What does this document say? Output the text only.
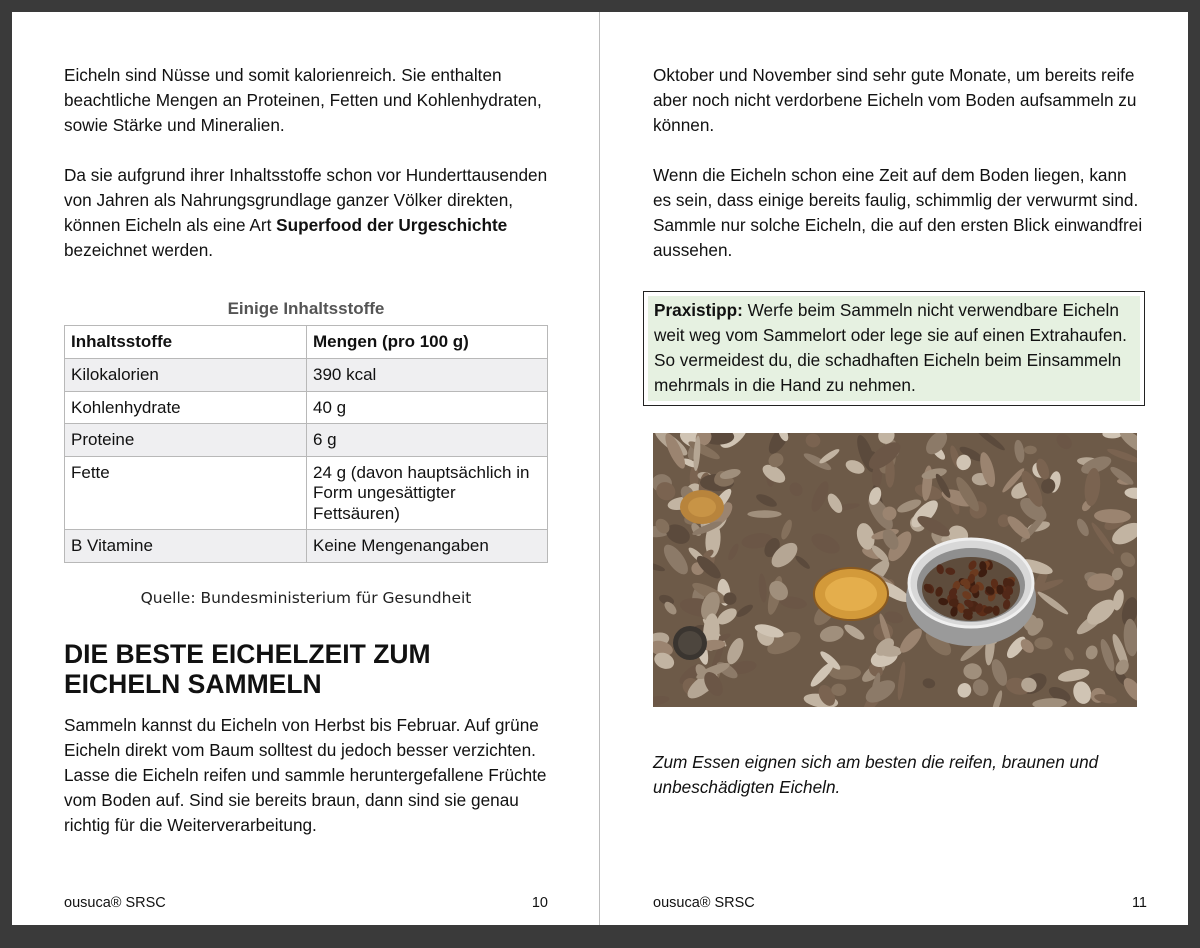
Eicheln sind Nüsse und somit kalorienreich. Sie enthalten beachtliche Mengen an Proteinen, Fetten und Kohlenhydraten, sowie Stärke und Mineralien.

Da sie aufgrund ihrer Inhaltsstoffe schon vor Hunderttausenden von Jahren als Nahrungsgrundlage ganzer Völker direkten, können Eicheln als eine Art Superfood der Urgeschichte bezeichnet werden.

Einige Inhaltsstoffe
Inhaltsstoffe	Mengen (pro 100 g)
Kilokalorien	390 kcal
Kohlenhydrate	40 g
Proteine	6 g
Fette	24 g (davon hauptsächlich in Form ungesättigter Fettsäuren)
B Vitamine	Keine Mengenangaben
Quelle: Bundesministerium für Gesundheit
DIE BESTE EICHELZEIT ZUM EICHELN SAMMELN

Sammeln kannst du Eicheln von Herbst bis Februar. Auf grüne Eicheln direkt vom Baum solltest du jedoch besser verzichten. Lasse die Eicheln reifen und sammle heruntergefallene Früchte vom Boden auf. Sind sie bereits braun, dann sind sie genau richtig für die Weiterverarbeitung.

ousuca® SRSC	10

Oktober und November sind sehr gute Monate, um bereits reife aber noch nicht verdorbene Eicheln vom Boden aufsammeln zu können.

Wenn die Eicheln schon eine Zeit auf dem Boden liegen, kann es sein, dass einige bereits faulig, schimmlig der verwurmt sind. Sammle nur solche Eicheln, die auf den ersten Blick einwandfrei aussehen.

Praxistipp: Werfe beim Sammeln nicht verwendbare Eicheln weit weg vom Sammelort oder lege sie auf einen Extrahaufen. So vermeidest du, die schadhaften Eicheln beim Einsammeln mehrmals in die Hand zu nehmen.
Zum Essen eignen sich am besten die reifen, braunen und unbeschädigten Eicheln.
ousuca® SRSC	11
